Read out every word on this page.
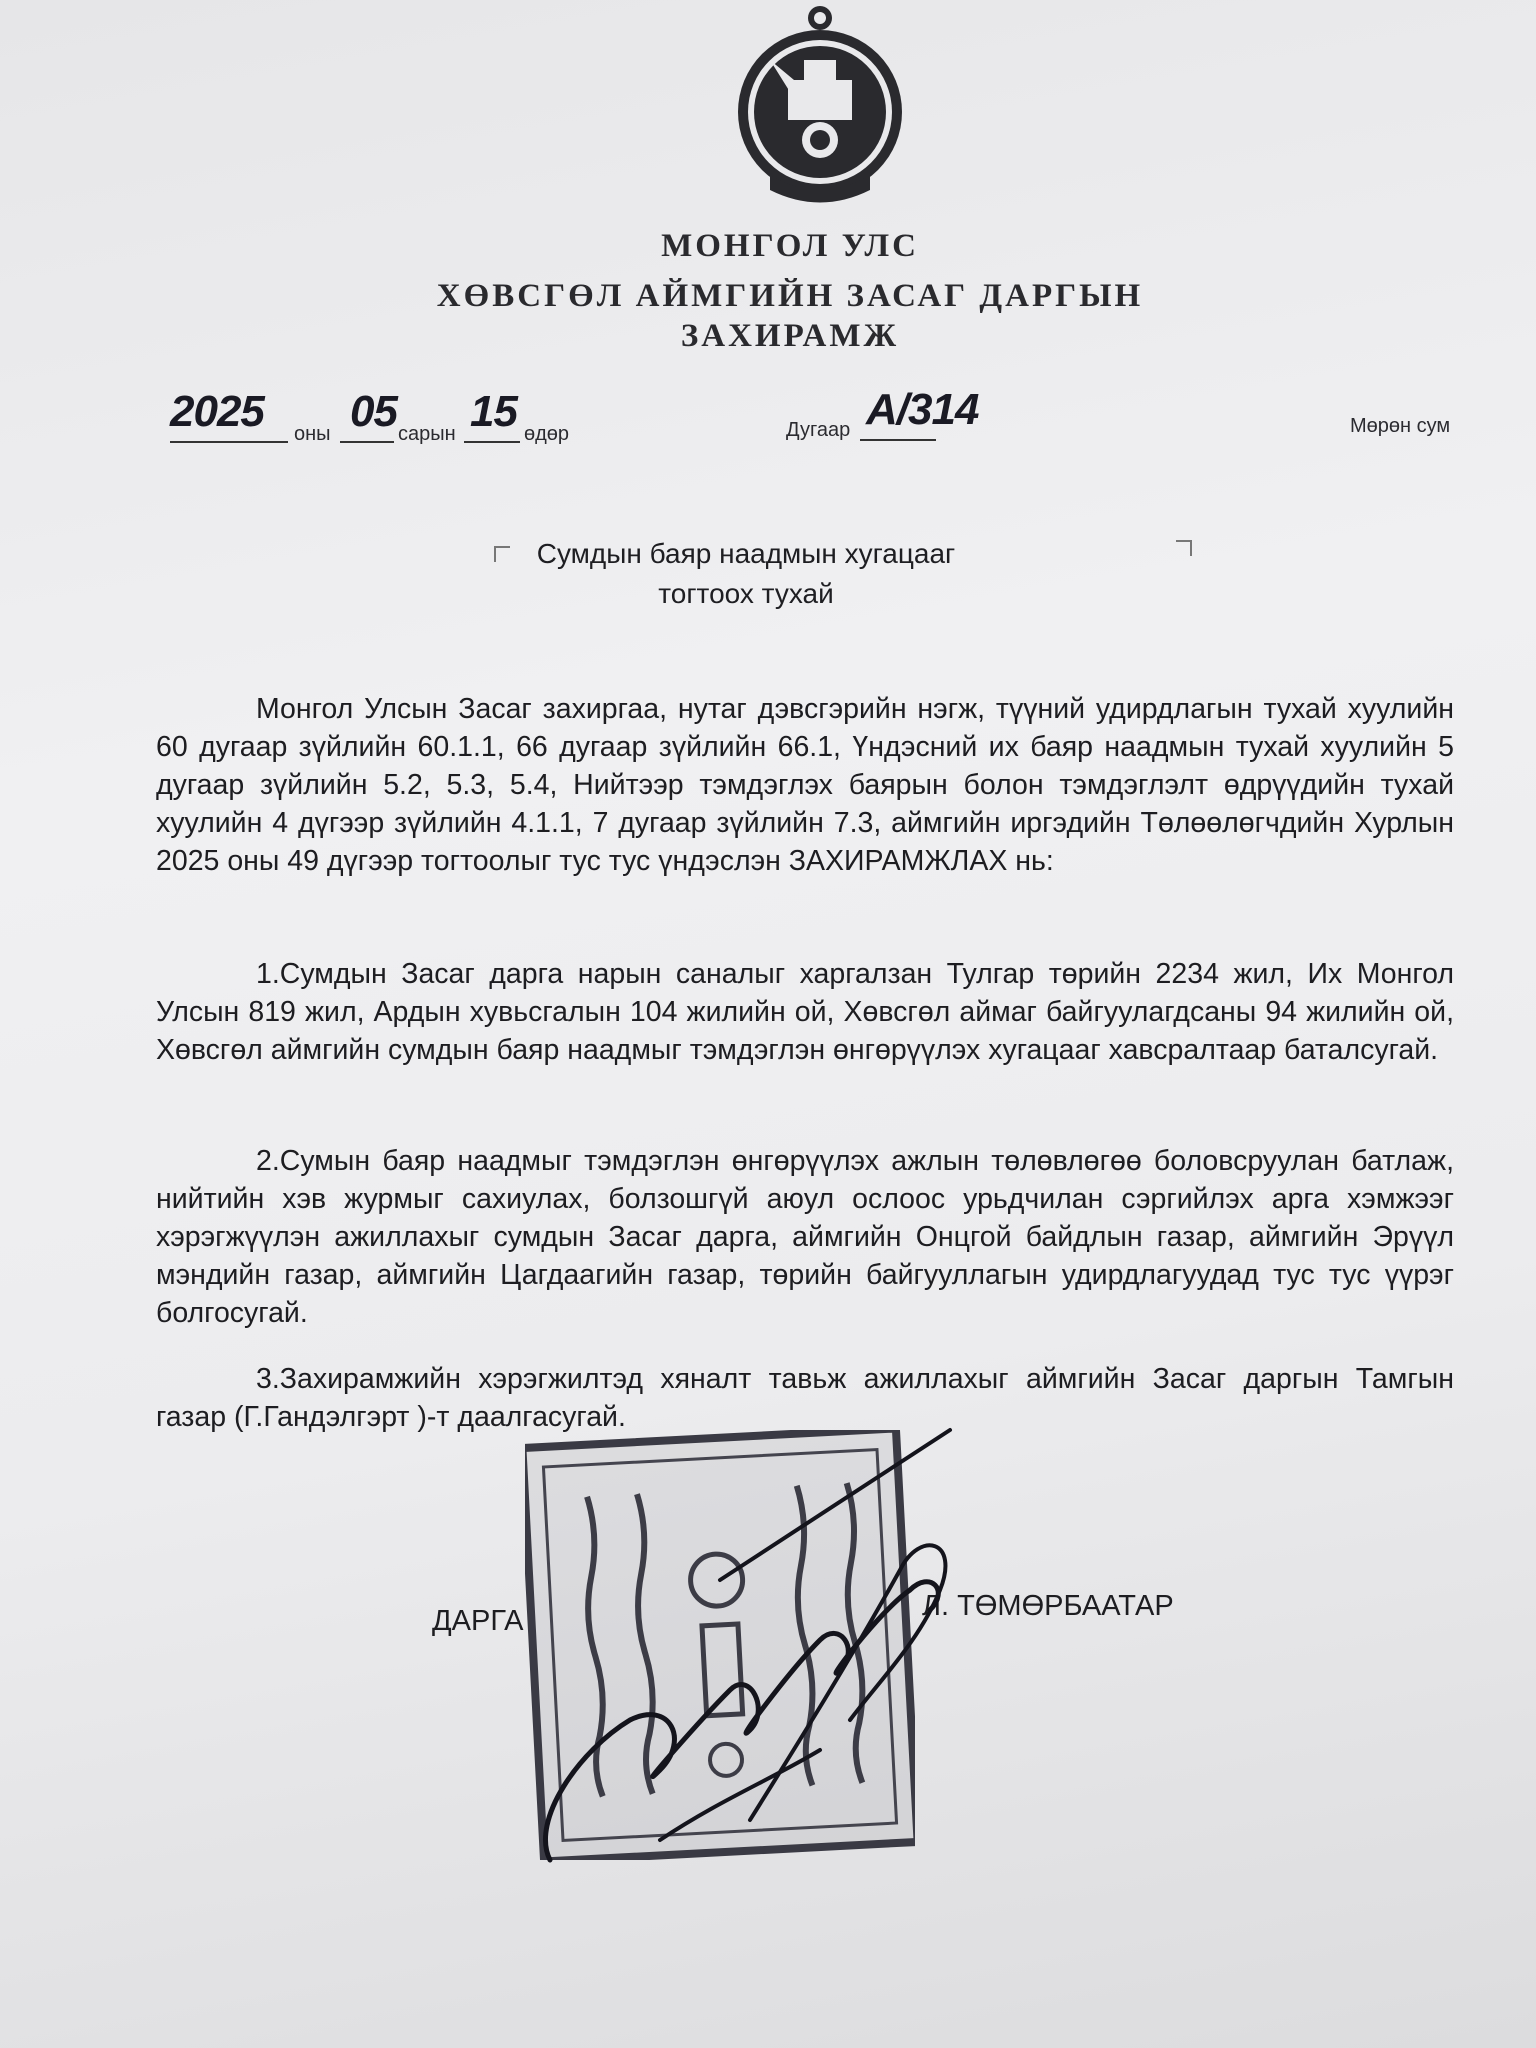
МОНГОЛ УЛС
ХӨВСГӨЛ АЙМГИЙН ЗАСАГ ДАРГЫН
ЗАХИРАМЖ
2025 оны 05 сарын 15 өдөр	Дугаар А/314	Мөрөн сум
Сумдын баяр наадмын хугацааг
тогтоох тухай

Монгол Улсын Засаг захиргаа, нутаг дэвсгэрийн нэгж, түүний удирдлагын тухай хуулийн 60 дугаар зүйлийн 60.1.1, 66 дугаар зүйлийн 66.1, Үндэсний их баяр наадмын тухай хуулийн 5 дугаар зүйлийн 5.2, 5.3, 5.4, Нийтээр тэмдэглэх баярын болон тэмдэглэлт өдрүүдийн тухай хуулийн 4 дүгээр зүйлийн 4.1.1, 7 дугаар зүйлийн 7.3, аймгийн иргэдийн Төлөөлөгчдийн Хурлын 2025 оны 49 дүгээр тогтоолыг тус тус үндэслэн ЗАХИРАМЖЛАХ нь:

1.Сумдын Засаг дарга нарын саналыг харгалзан Тулгар төрийн 2234 жил, Их Монгол Улсын 819 жил, Ардын хувьсгалын 104 жилийн ой, Хөвсгөл аймаг байгуулагдсаны 94 жилийн ой, Хөвсгөл аймгийн сумдын баяр наадмыг тэмдэглэн өнгөрүүлэх хугацааг хавсралтаар баталсугай.

2.Сумын баяр наадмыг тэмдэглэн өнгөрүүлэх ажлын төлөвлөгөө боловсруулан батлаж, нийтийн хэв журмыг сахиулах, болзошгүй аюул ослоос урьдчилан сэргийлэх арга хэмжээг хэрэгжүүлэн ажиллахыг сумдын Засаг дарга, аймгийн Онцгой байдлын газар, аймгийн Эрүүл мэндийн газар, аймгийн Цагдаагийн газар, төрийн байгууллагын удирдлагуудад тус тус үүрэг болгосугай.

3.Захирамжийн хэрэгжилтэд хяналт тавьж ажиллахыг аймгийн Засаг даргын Тамгын газар (Г.Гандэлгэрт )-т даалгасугай.

ДАРГА	Л. ТӨМӨРБААТАР
